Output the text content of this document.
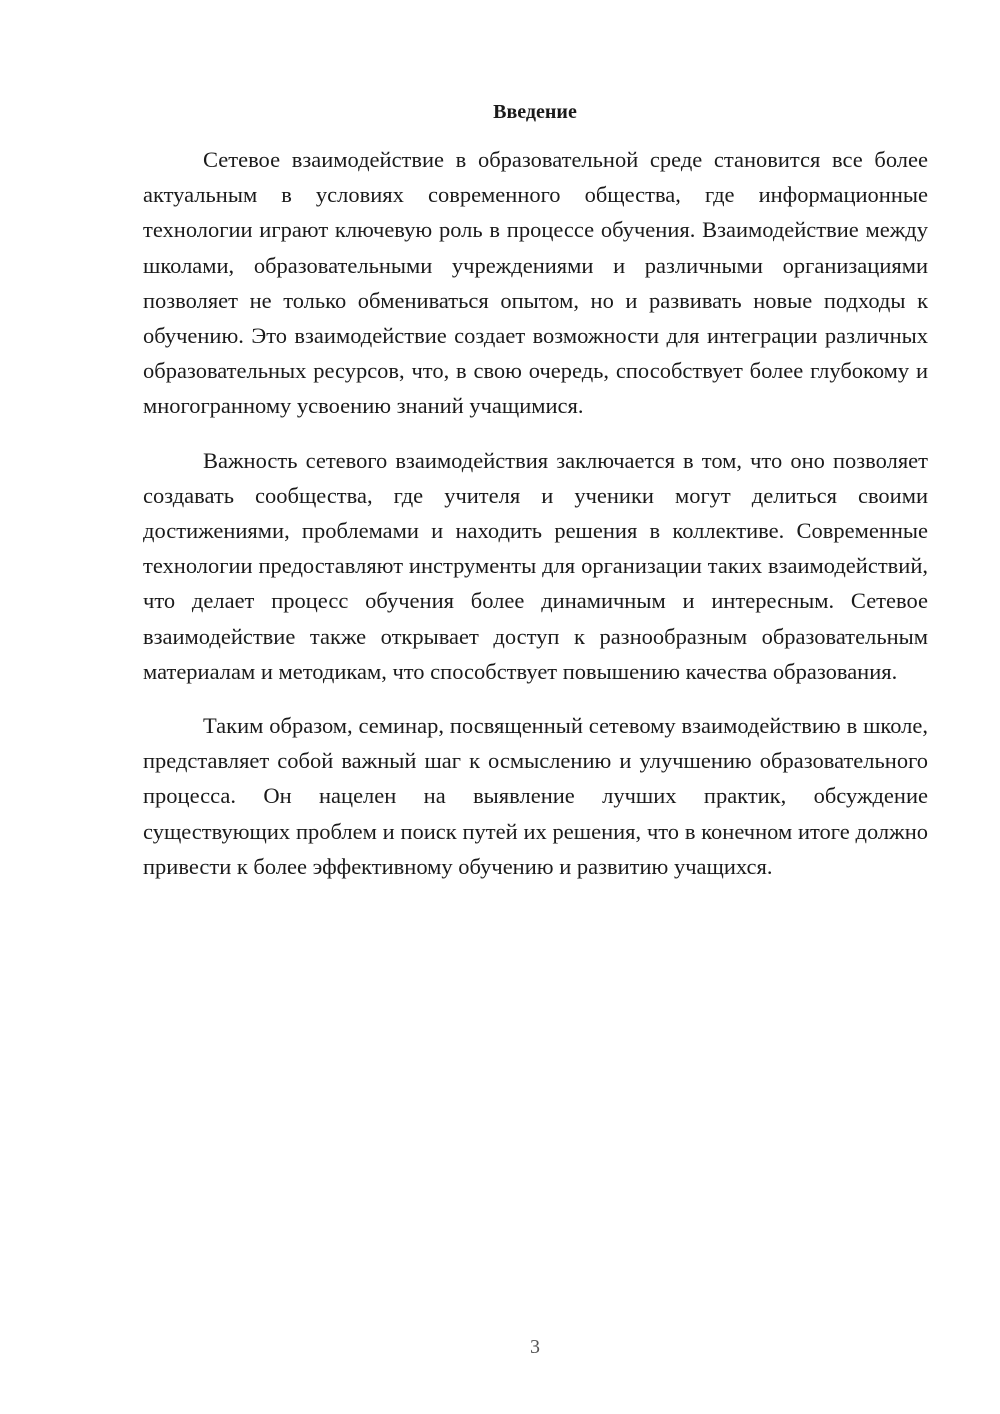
Введение

Сетевое взаимодействие в образовательной среде становится все более актуальным в условиях современного общества, где информационные технологии играют ключевую роль в процессе обучения. Взаимодействие между школами, образовательными учреждениями и различными организациями позволяет не только обмениваться опытом, но и развивать новые подходы к обучению. Это взаимодействие создает возможности для интеграции различных образовательных ресурсов, что, в свою очередь, способствует более глубокому и многогранному усвоению знаний учащимися.

Важность сетевого взаимодействия заключается в том, что оно позволяет создавать сообщества, где учителя и ученики могут делиться своими достижениями, проблемами и находить решения в коллективе. Современные технологии предоставляют инструменты для организации таких взаимодействий, что делает процесс обучения более динамичным и интересным. Сетевое взаимодействие также открывает доступ к разнообразным образовательным материалам и методикам, что способствует повышению качества образования.

Таким образом, семинар, посвященный сетевому взаимодействию в школе, представляет собой важный шаг к осмыслению и улучшению образовательного процесса. Он нацелен на выявление лучших практик, обсуждение существующих проблем и поиск путей их решения, что в конечном итоге должно привести к более эффективному обучению и развитию учащихся.

3
